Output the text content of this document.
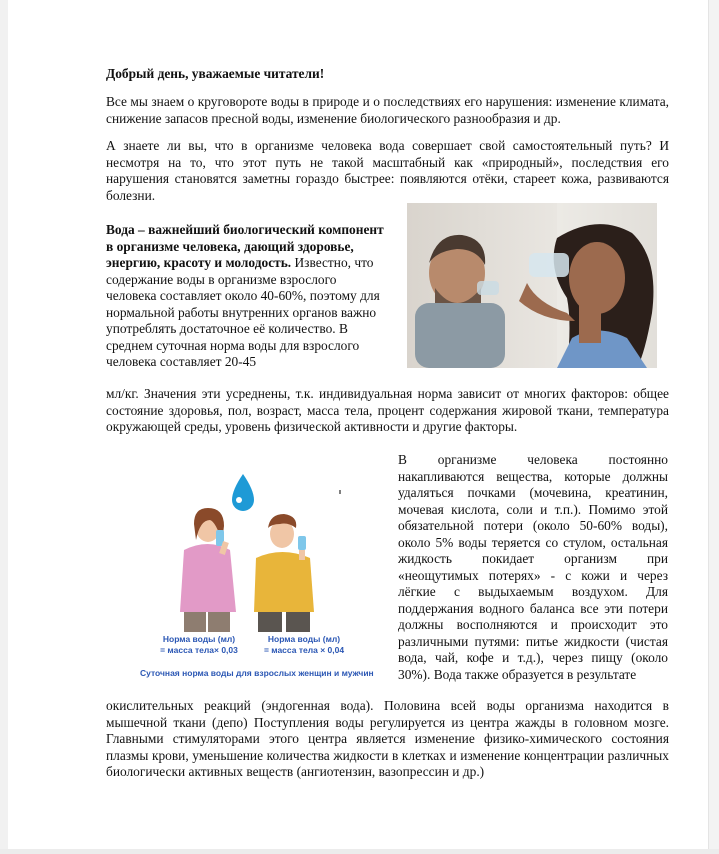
Добрый день, уважаемые читатели!

Все мы знаем о круговороте воды в природе и о последствиях его нарушения: изменение климата, снижение запасов пресной воды, изменение биологического разнообразия и др.

А знаете ли вы, что в организме человека вода совершает свой самостоятельный путь? И несмотря на то, что этот путь не такой масштабный как «природный», последствия его нарушения становятся заметны гораздо быстрее: появляются отёки, стареет кожа, развиваются болезни.

Вода – важнейший биологический компонент в организме человека, дающий здоровье, энергию, красоту и молодость. Известно, что содержание воды в организме взрослого человека составляет около 40-60%, поэтому для нормальной работы внутренних органов важно употреблять достаточное её количество. В среднем суточная норма воды для взрослого человека составляет 20-45

мл/кг. Значения эти усреднены, т.к. индивидуальная норма зависит от многих факторов: общее состояние здоровья, пол, возраст, масса тела, процент содержания жировой ткани, температура окружающей среды, уровень физической активности и другие факторы.

Норма воды (мл)
= масса тела× 0,03
Норма воды (мл)
= масса тела × 0,04
Суточная норма воды для взрослых женщин и мужчин

В организме человека постоянно накапливаются вещества, которые должны удаляться почками (мочевина, креатинин, мочевая кислота, соли и т.п.). Помимо этой обязательной потери (около 50-60% воды), около 5% воды теряется со стулом, остальная жидкость покидает организм при «неощутимых потерях» - с кожи и через лёгкие с выдыхаемым воздухом. Для поддержания водного баланса все эти потери должны восполняются и происходит это различными путями: питье жидкости (чистая вода, чай, кофе и т.д.), через пищу (около 30%). Вода также образуется в результате

окислительных реакций (эндогенная вода). Половина всей воды организма находится в мышечной ткани (депо) Поступления воды регулируется из центра жажды в головном мозге. Главными стимуляторами этого центра является изменение физико-химического состояния плазмы крови, уменьшение количества жидкости в клетках и изменение концентрации различных биологически активных веществ (ангиотензин, вазопрессин и др.)
